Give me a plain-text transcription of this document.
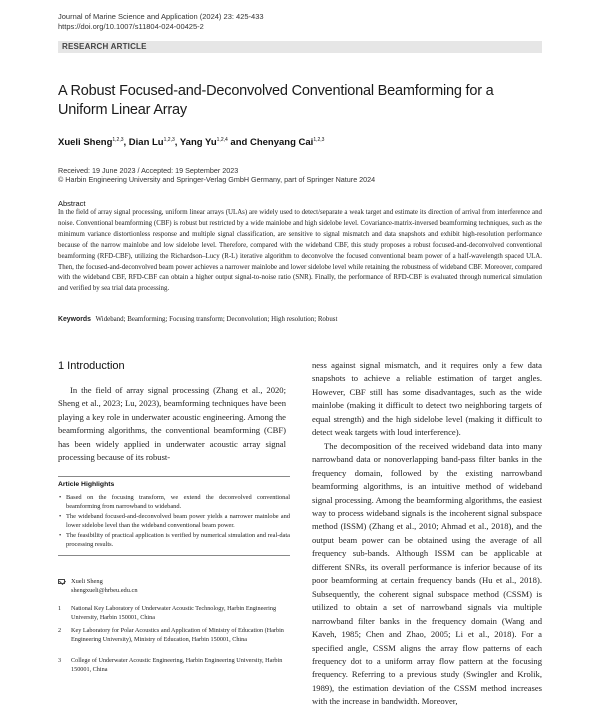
Journal of Marine Science and Application (2024) 23: 425-433
https://doi.org/10.1007/s11804-024-00425-2
RESEARCH ARTICLE
A Robust Focused-and-Deconvolved Conventional Beamforming for a Uniform Linear Array
Xueli Sheng$^{1,2,3}$, Dian Lu$^{1,2,3}$, Yang Yu$^{1,2,4}$ and Chenyang Cai$^{1,2,3}$
Received: 19 June 2023 / Accepted: 19 September 2023
© Harbin Engineering University and Springer-Verlag GmbH Germany, part of Springer Nature 2024
Abstract
In the field of array signal processing, uniform linear arrays (ULAs) are widely used to detect/separate a weak target and estimate its direction of arrival from interference and noise. Conventional beamforming (CBF) is robust but restricted by a wide mainlobe and high sidelobe level. Covariance-matrix-inversed beamforming techniques, such as the minimum variance distortionless response and multiple signal classification, are sensitive to signal mismatch and data snapshots and exhibit high-resolution performance because of the narrow mainlobe and low sidelobe level. Therefore, compared with the wideband CBF, this study proposes a robust focused-and-deconvolved conventional beamforming (RFD-CBF), utilizing the Richardson–Lucy (R-L) iterative algorithm to deconvolve the focused conventional beam power of a half-wavelength spaced ULA. Then, the focused-and-deconvolved beam power achieves a narrower mainlobe and lower sidelobe level while retaining the robustness of wideband CBF. Moreover, compared with the wideband CBF, RFD-CBF can obtain a higher output signal-to-noise ratio (SNR). Finally, the performance of RFD-CBF is evaluated through numerical simulation and verified by sea trial data processing.
Keywords Wideband; Beamforming; Focusing transform; Deconvolution; High resolution; Robust
1 Introduction
In the field of array signal processing (Zhang et al., 2020; Sheng et al., 2023; Lu, 2023), beamforming techniques have been playing a key role in underwater acoustic engineering. Among the beamforming algorithms, the conventional beamforming (CBF) has been widely applied in underwater acoustic array signal processing because of its robust-

ness against signal mismatch, and it requires only a few data snapshots to achieve a reliable estimation of target angles. However, CBF still has some disadvantages, such as the wide mainlobe (making it difficult to detect two neighboring targets of equal strength) and the high sidelobe level (making it difficult to detect weak targets with loud interference).

The decomposition of the received wideband data into many narrowband data or nonoverlapping band-pass filter banks in the frequency domain, followed by the existing narrowband beamforming algorithms, is an intuitive method of wideband signal processing. Among the beamforming algorithms, the easiest way to process wideband signals is the incoherent signal subspace method (ISSM) (Zhang et al., 2010; Ahmad et al., 2018), and the output beam power can be obtained using the average of all frequency sub-bands. Although ISSM can be applicable at different SNRs, its overall performance is inferior because of its poor beamforming at certain frequency bands (Hu et al., 2018). Subsequently, the coherent signal subspace method (CSSM) is utilized to obtain a set of narrowband signals via multiple narrowband filter banks in the frequency domain (Wang and Kaveh, 1985; Chen and Zhao, 2005; Li et al., 2018). For a specified angle, CSSM aligns the array flow patterns of each frequency dot to a uniform array flow pattern at the focusing frequency. Referring to a previous study (Swingler and Krolik, 1989), the estimation deviation of the CSSM method increases with the increase in bandwidth. Moreover,

Article Highlights
• Based on the focusing transform, we extend the deconvolved conventional beamforming from narrowband to wideband.
• The wideband focused-and-deconvolved beam power yields a narrower mainlobe and lower sidelobe level than the wideband conventional beam power.
• The feasibility of practical application is verified by numerical simulation and real-data processing results.
Xueli Sheng
shengxueli@hrbeu.edu.cn
1	National Key Laboratory of Underwater Acoustic Technology, Harbin Engineering University, Harbin 150001, China
2	Key Laboratory for Polar Acoustics and Application of Ministry of Education (Harbin Engineering University), Ministry of Education, Harbin 150001, China
3	College of Underwater Acoustic Engineering, Harbin Engineering University, Harbin 150001, China
